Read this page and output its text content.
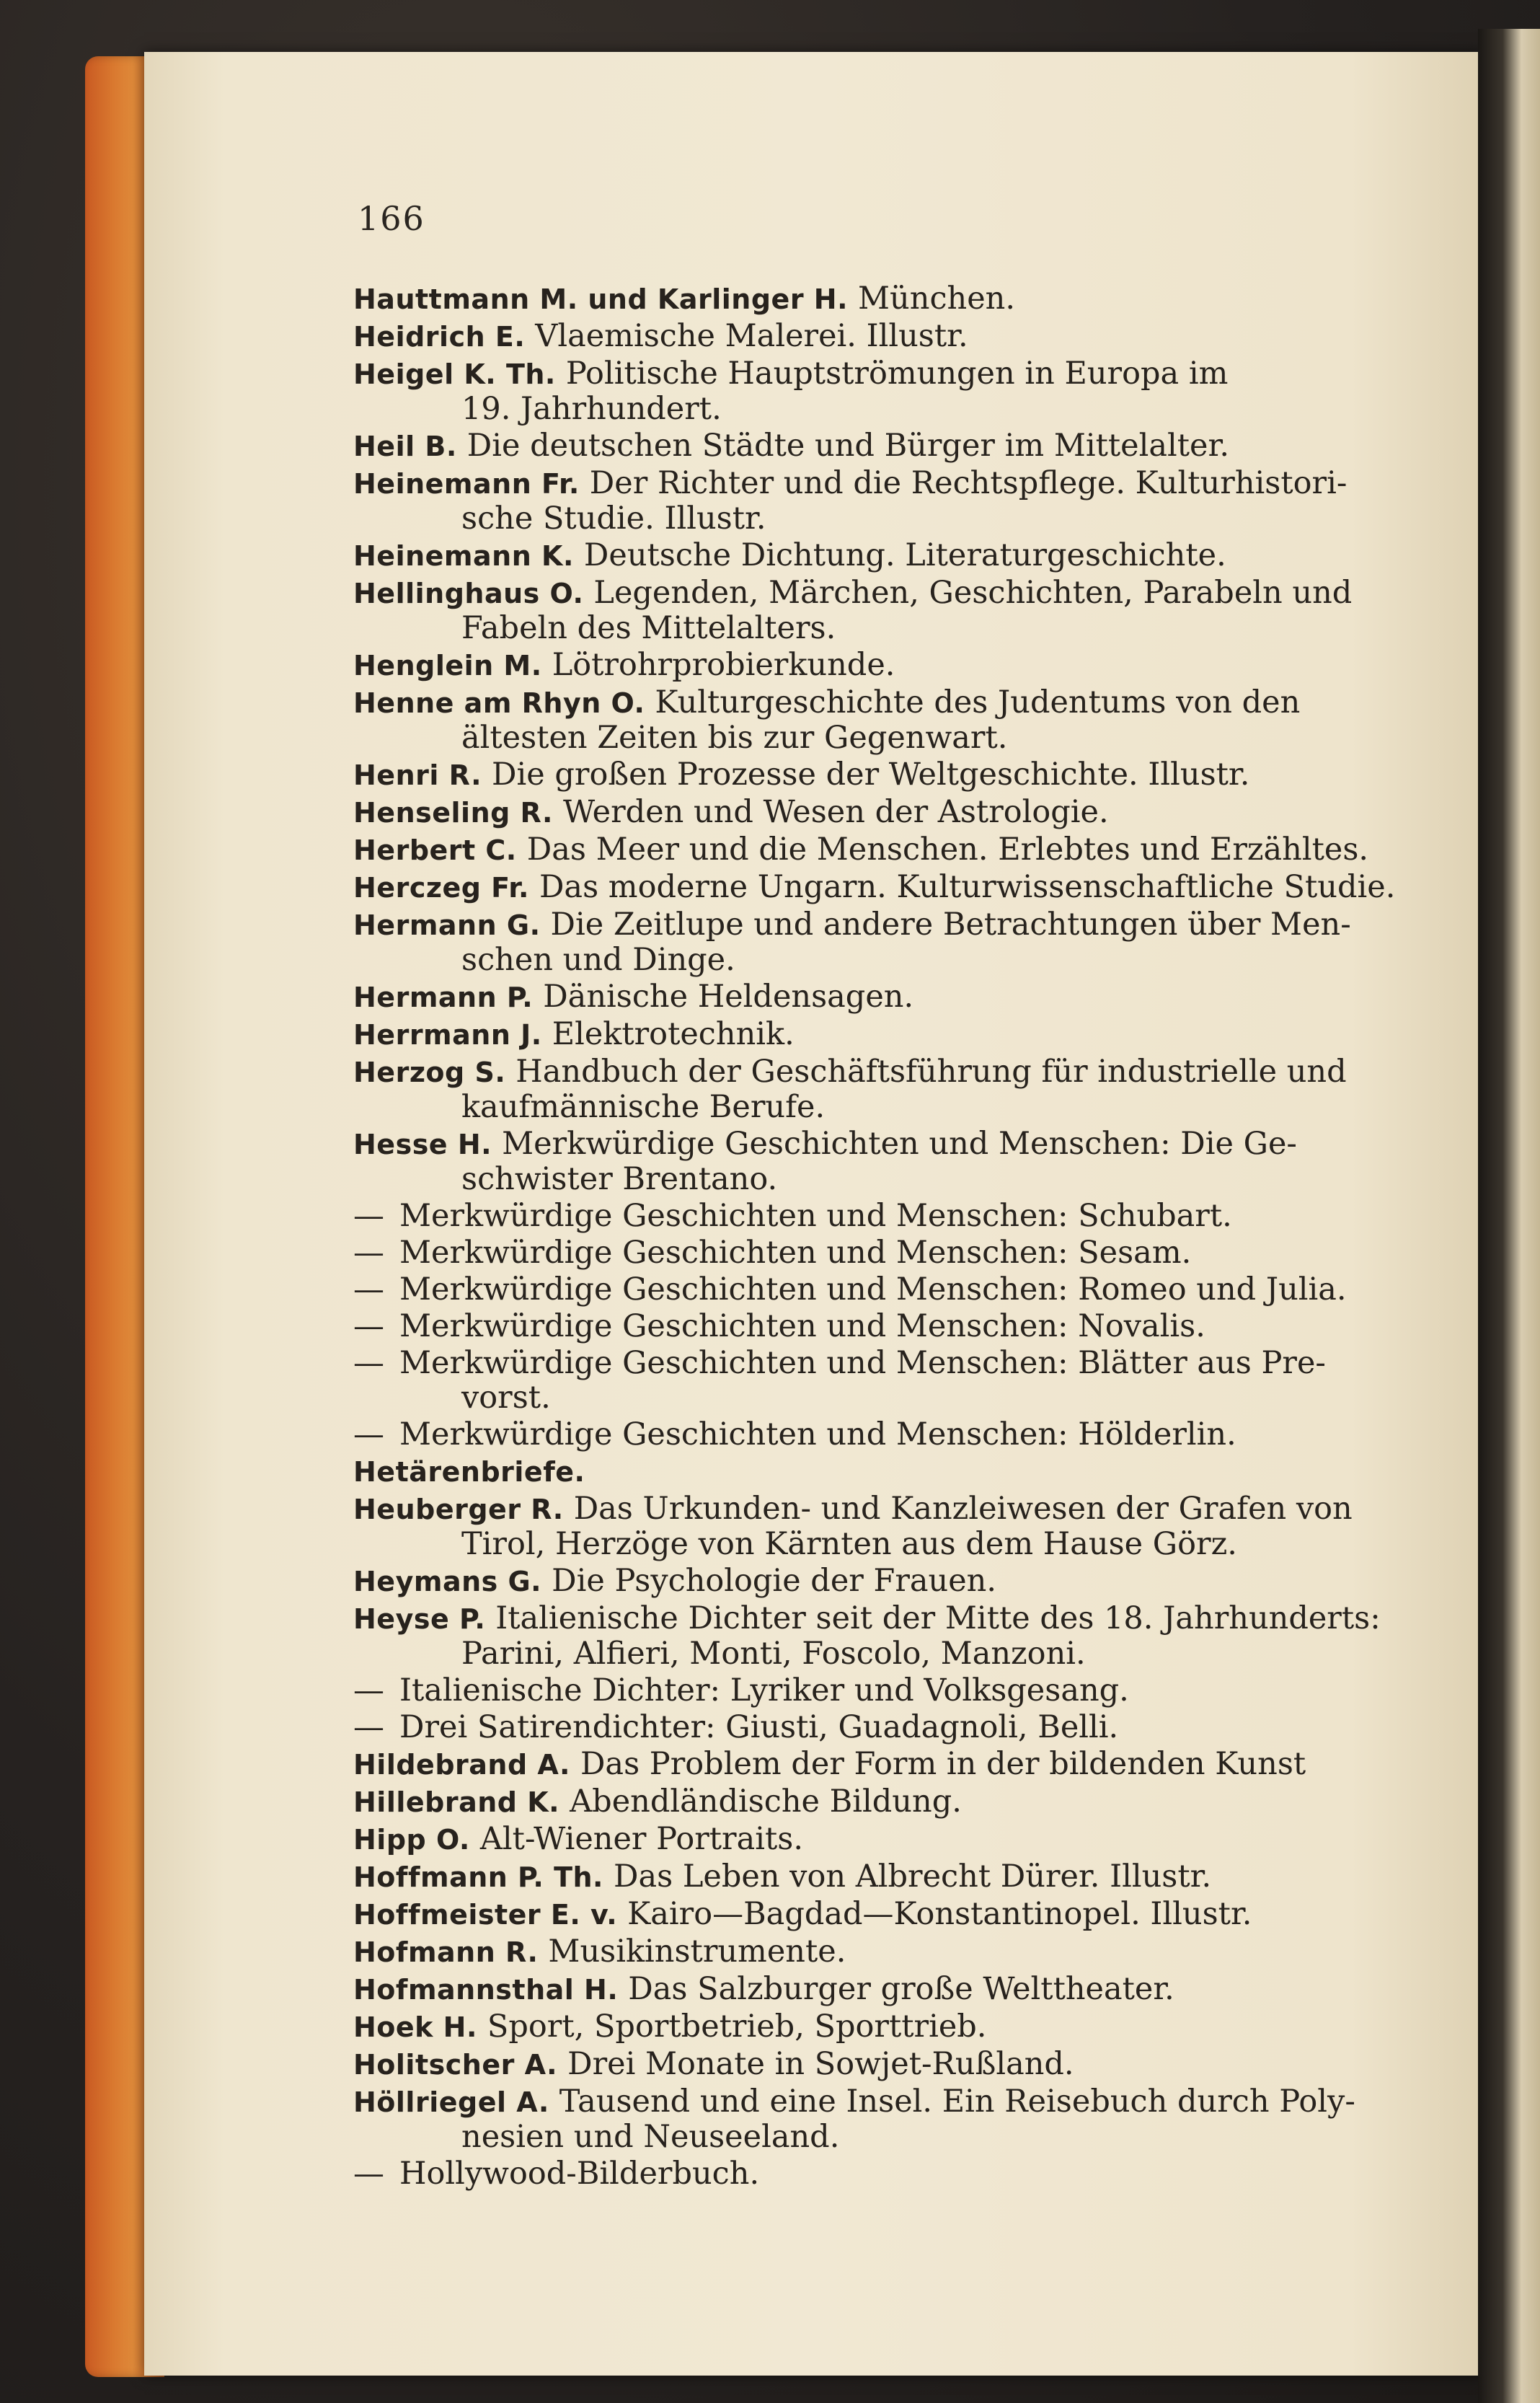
166
Hauttmann M. und Karlinger H. München.
Heidrich E. Vlaemische Malerei. Illustr.
Heigel K. Th. Politische Hauptströmungen in Europa im
19. Jahrhundert.
Heil B. Die deutschen Städte und Bürger im Mittelalter.
Heinemann Fr. Der Richter und die Rechtspflege. Kulturhistori-
sche Studie. Illustr.
Heinemann K. Deutsche Dichtung. Literaturgeschichte.
Hellinghaus O. Legenden, Märchen, Geschichten, Parabeln und
Fabeln des Mittelalters.
Henglein M. Lötrohrprobierkunde.
Henne am Rhyn O. Kulturgeschichte des Judentums von den
ältesten Zeiten bis zur Gegenwart.
Henri R. Die großen Prozesse der Weltgeschichte. Illustr.
Henseling R. Werden und Wesen der Astrologie.
Herbert C. Das Meer und die Menschen. Erlebtes und Erzähltes.
Herczeg Fr. Das moderne Ungarn. Kulturwissenschaftliche Studie.
Hermann G. Die Zeitlupe und andere Betrachtungen über Men-
schen und Dinge.
Hermann P. Dänische Heldensagen.
Herrmann J. Elektrotechnik.
Herzog S. Handbuch der Geschäftsführung für industrielle und
kaufmännische Berufe.
Hesse H. Merkwürdige Geschichten und Menschen: Die Ge-
schwister Brentano.
— Merkwürdige Geschichten und Menschen: Schubart.
— Merkwürdige Geschichten und Menschen: Sesam.
— Merkwürdige Geschichten und Menschen: Romeo und Julia.
— Merkwürdige Geschichten und Menschen: Novalis.
— Merkwürdige Geschichten und Menschen: Blätter aus Pre-
vorst.
— Merkwürdige Geschichten und Menschen: Hölderlin.
Hetärenbriefe.
Heuberger R. Das Urkunden- und Kanzleiwesen der Grafen von
Tirol, Herzöge von Kärnten aus dem Hause Görz.
Heymans G. Die Psychologie der Frauen.
Heyse P. Italienische Dichter seit der Mitte des 18. Jahrhunderts:
Parini, Alfieri, Monti, Foscolo, Manzoni.
— Italienische Dichter: Lyriker und Volksgesang.
— Drei Satirendichter: Giusti, Guadagnoli, Belli.
Hildebrand A. Das Problem der Form in der bildenden Kunst
Hillebrand K. Abendländische Bildung.
Hipp O. Alt-Wiener Portraits.
Hoffmann P. Th. Das Leben von Albrecht Dürer. Illustr.
Hoffmeister E. v. Kairo—Bagdad—Konstantinopel. Illustr.
Hofmann R. Musikinstrumente.
Hofmannsthal H. Das Salzburger große Welttheater.
Hoek H. Sport, Sportbetrieb, Sporttrieb.
Holitscher A. Drei Monate in Sowjet-Rußland.
Höllriegel A. Tausend und eine Insel. Ein Reisebuch durch Poly-
nesien und Neuseeland.
— Hollywood-Bilderbuch.
